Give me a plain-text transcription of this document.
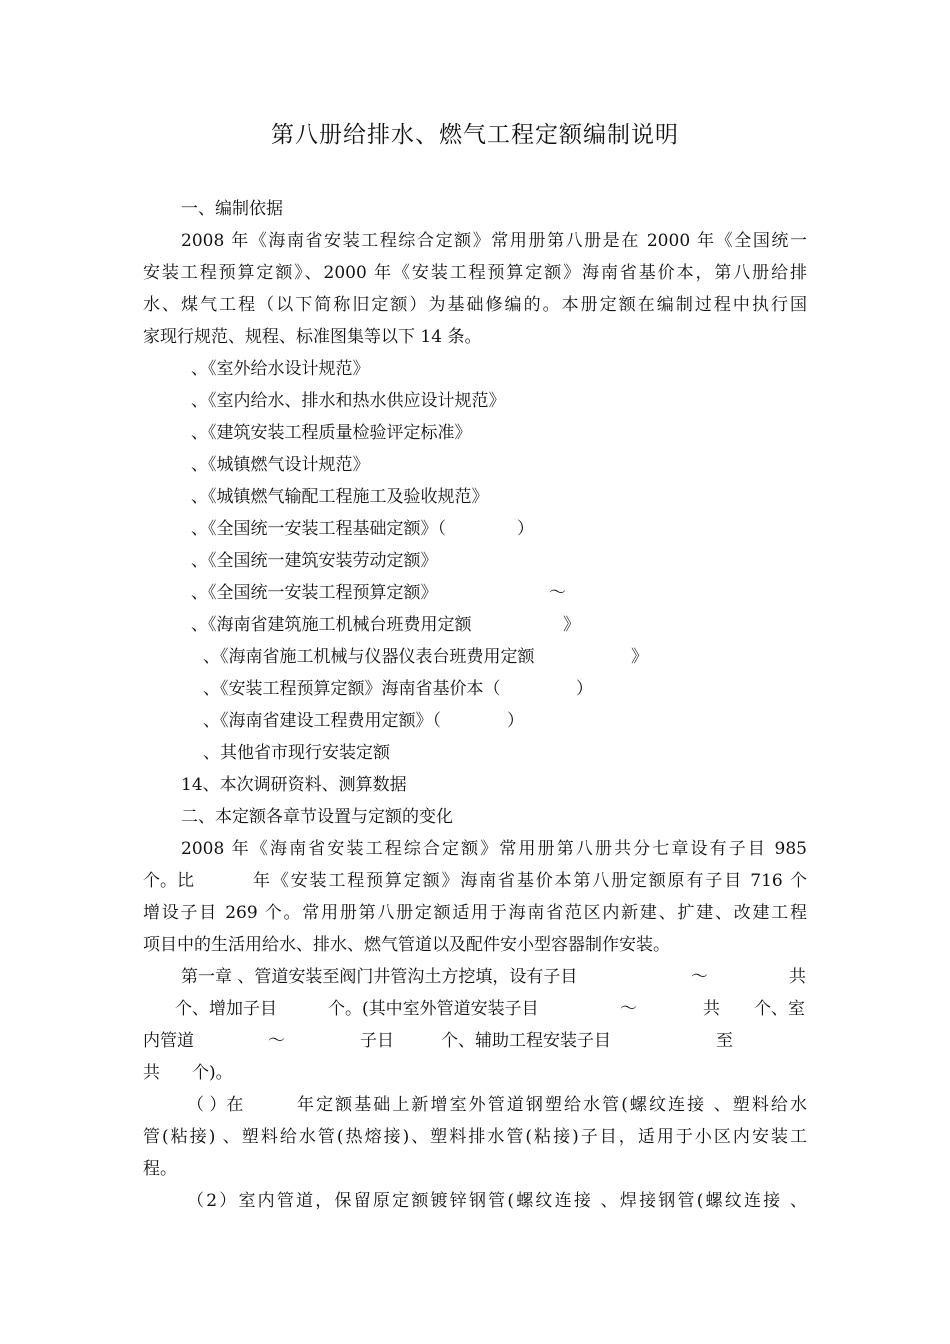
第八册给排水、燃气工程定额编制说明
一、编制依据
2008 年《海南省安装工程综合定额》常用册第八册是在 2000 年《全国统一
安装工程预算定额》、2000 年《安装工程预算定额》海南省基价本，第八册给排
水、煤气工程（以下简称旧定额）为基础修编的。本册定额在编制过程中执行国
家现行规范、规程、标准图集等以下 14 条。
、《室外给水设计规范》
、《室内给水、排水和热水供应设计规范》
、《建筑安装工程质量检验评定标准》
、《城镇燃气设计规范》
、《城镇燃气输配工程施工及验收规范》
、《全国统一安装工程基础定额》（	）
、《全国统一建筑安装劳动定额》
、《全国统一安装工程预算定额》	～
、《海南省建筑施工机械台班费用定额	》
、《海南省施工机械与仪器仪表台班费用定额	》
、《安装工程预算定额》海南省基价本（	）
、《海南省建设工程费用定额》（	）
、其他省市现行安装定额
14、本次调研资料、测算数据
二、本定额各章节设置与定额的变化
2008 年《海南省安装工程综合定额》常用册第八册共分七章设有子目 985
个。比	年《安装工程预算定额》海南省基价本第八册定额原有子目 716 个
增设子目 269 个。常用册第八册定额适用于海南省范区内新建、扩建、改建工程
项目中的生活用给水、排水、燃气管道以及配件安小型容器制作安装。
第一章 、管道安装至阀门井管沟土方挖填，设有子目	～	共
个、增加子目	个。(其中室外管道安装子目	～	共 个、室
内管道	～	子日	个、辅助工程安装子目	至
共 个)。
（ ）在	年定额基础上新增室外管道钢塑给水管(螺纹连接 、塑料给水
管(粘接) 、塑料给水管(热熔接)、塑料排水管(粘接)子目，适用于小区内安装工
程。
（2）室内管道，保留原定额镀锌钢管(螺纹连接 、焊接钢管(螺纹连接 、
